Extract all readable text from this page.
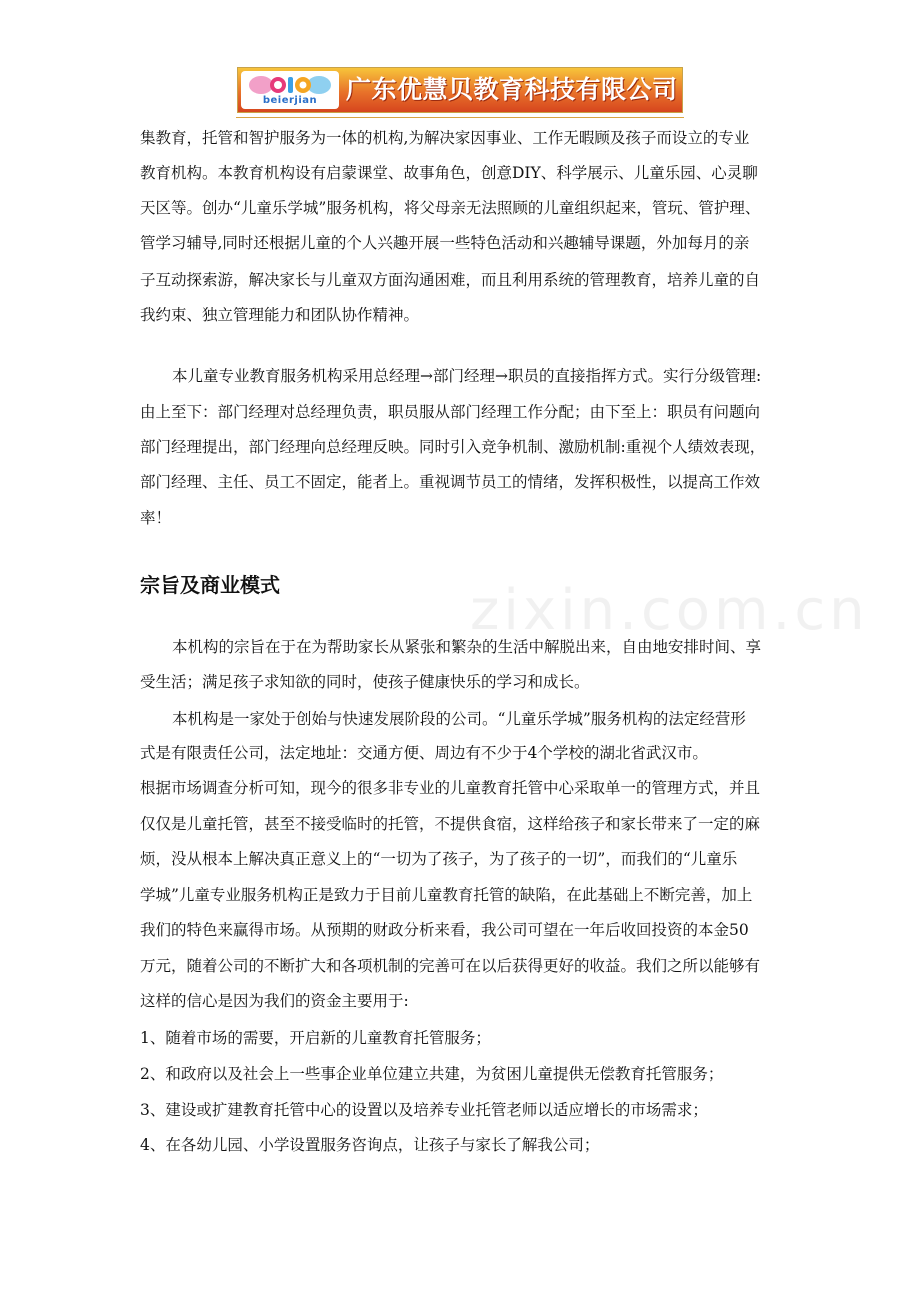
beierjian	广东优慧贝教育科技有限公司
集教育，托管和智护服务为一体的机构,为解决家因事业、工作无暇顾及孩子而设立的专业
教育机构。本教育机构设有启蒙课堂、故事角色，创意DIY、科学展示、儿童乐园、心灵聊
天区等。创办“儿童乐学城”服务机构，将父母亲无法照顾的儿童组织起来，管玩、管护理、
管学习辅导,同时还根据儿童的个人兴趣开展一些特色活动和兴趣辅导课题，外加每月的亲
子互动探索游，解决家长与儿童双方面沟通困难，而且利用系统的管理教育，培养儿童的自
我约束、独立管理能力和团队协作精神。
本儿童专业教育服务机构采用总经理→部门经理→职员的直接指挥方式。实行分级管理:
由上至下：部门经理对总经理负责，职员服从部门经理工作分配；由下至上：职员有问题向
部门经理提出，部门经理向总经理反映。同时引入竞争机制、激励机制:重视个人绩效表现，
部门经理、主任、员工不固定，能者上。重视调节员工的情绪，发挥积极性，以提高工作效
率！
宗旨及商业模式	zixin.com.cn
本机构的宗旨在于在为帮助家长从紧张和繁杂的生活中解脱出来，自由地安排时间、享
受生活；满足孩子求知欲的同时，使孩子健康快乐的学习和成长。
本机构是一家处于创始与快速发展阶段的公司。“儿童乐学城”服务机构的法定经营形
式是有限责任公司，法定地址：交通方便、周边有不少于4个学校的湖北省武汉市。
根据市场调查分析可知，现今的很多非专业的儿童教育托管中心采取单一的管理方式，并且
仅仅是儿童托管，甚至不接受临时的托管，不提供食宿，这样给孩子和家长带来了一定的麻
烦，没从根本上解决真正意义上的“一切为了孩子，为了孩子的一切”，而我们的“儿童乐
学城”儿童专业服务机构正是致力于目前儿童教育托管的缺陷，在此基础上不断完善，加上
我们的特色来赢得市场。从预期的财政分析来看，我公司可望在一年后收回投资的本金50
万元，随着公司的不断扩大和各项机制的完善可在以后获得更好的收益。我们之所以能够有
这样的信心是因为我们的资金主要用于:
1、随着市场的需要，开启新的儿童教育托管服务；
2、和政府以及社会上一些事企业单位建立共建，为贫困儿童提供无偿教育托管服务；
3、建设或扩建教育托管中心的设置以及培养专业托管老师以适应增长的市场需求；
4、在各幼儿园、小学设置服务咨询点，让孩子与家长了解我公司；
